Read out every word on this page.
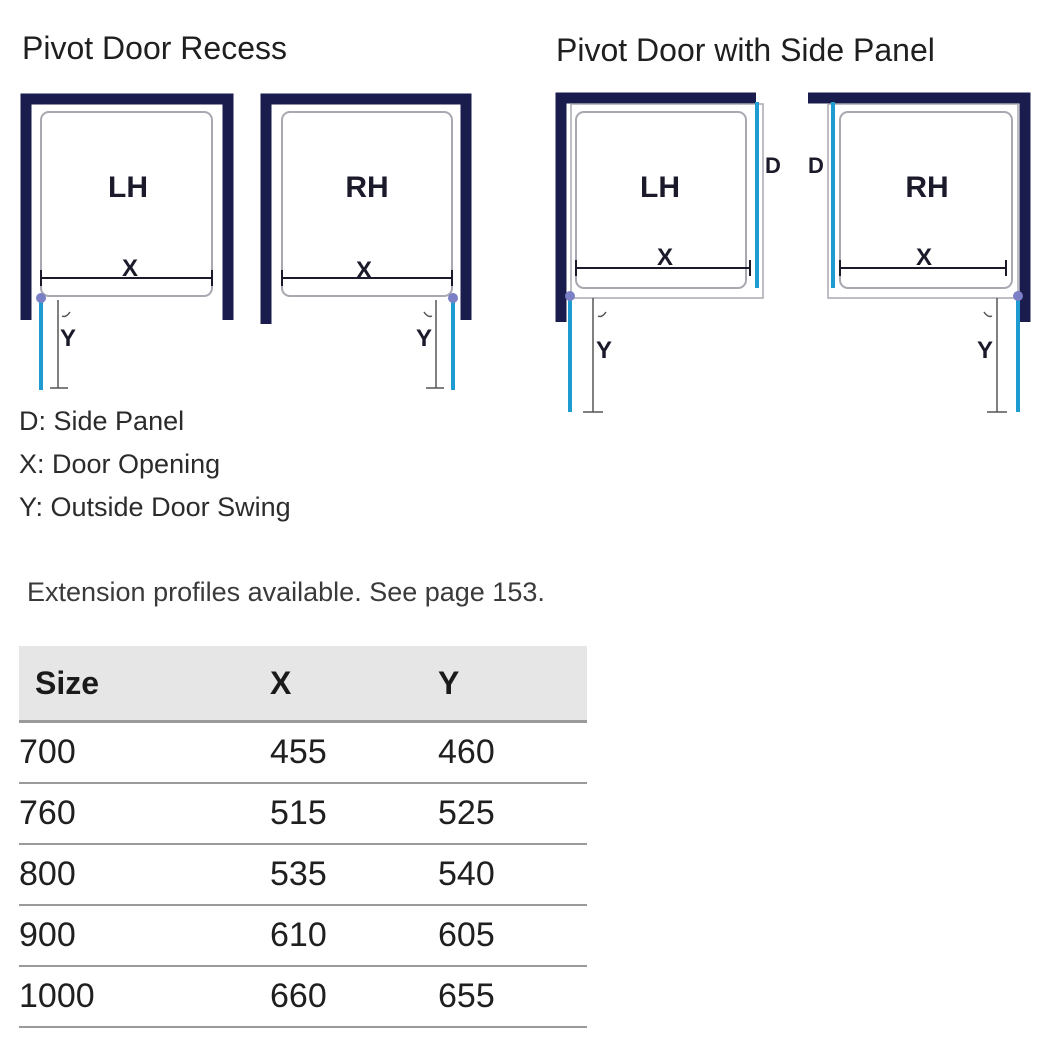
Pivot Door Recess	Pivot Door with Side Panel
LH
X
Y
RH
X
Y
LH
X
Y
D
RH
X
Y
D
D: Side Panel
X: Door Opening
Y: Outside Door Swing
Extension profiles available. See page 153.
Size	X	Y
700	455	460
760	515	525
800	535	540
900	610	605
1000	660	655
